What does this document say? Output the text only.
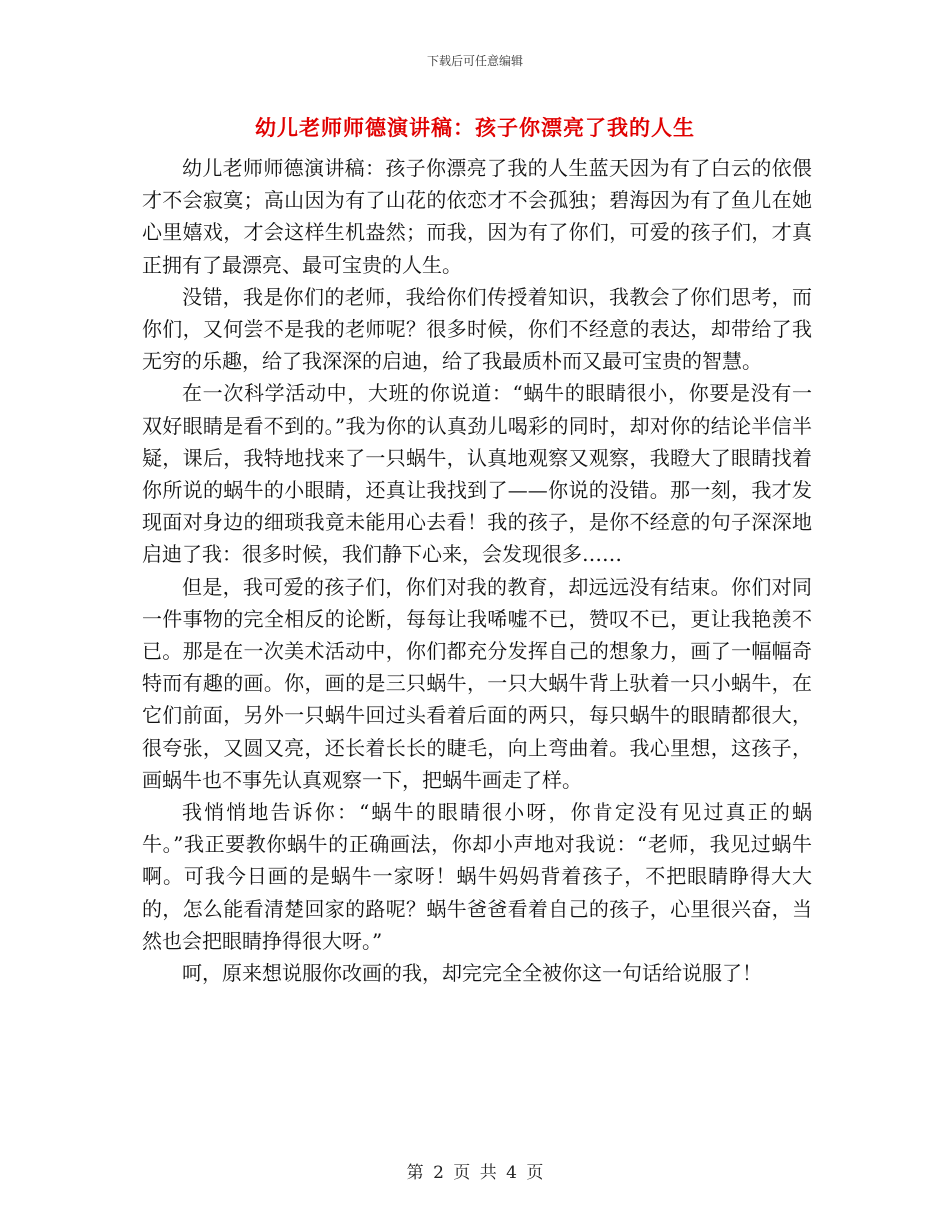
下载后可任意编辑
幼儿老师师德演讲稿：孩子你漂亮了我的人生

幼儿老师师德演讲稿：孩子你漂亮了我的人生蓝天因为有了白云的依偎才不会寂寞；高山因为有了山花的依恋才不会孤独；碧海因为有了鱼儿在她心里嬉戏，才会这样生机盎然；而我，因为有了你们，可爱的孩子们，才真正拥有了最漂亮、最可宝贵的人生。

没错，我是你们的老师，我给你们传授着知识，我教会了你们思考，而你们，又何尝不是我的老师呢？很多时候，你们不经意的表达，却带给了我无穷的乐趣，给了我深深的启迪，给了我最质朴而又最可宝贵的智慧。

在一次科学活动中，大班的你说道：“蜗牛的眼睛很小，你要是没有一双好眼睛是看不到的。”我为你的认真劲儿喝彩的同时，却对你的结论半信半疑，课后，我特地找来了一只蜗牛，认真地观察又观察，我瞪大了眼睛找着你所说的蜗牛的小眼睛，还真让我找到了——你说的没错。那一刻，我才发现面对身边的细琐我竟未能用心去看！我的孩子，是你不经意的句子深深地启迪了我：很多时候，我们静下心来，会发现很多……

但是，我可爱的孩子们，你们对我的教育，却远远没有结束。你们对同一件事物的完全相反的论断，每每让我唏嘘不已，赞叹不已，更让我艳羡不已。那是在一次美术活动中，你们都充分发挥自己的想象力，画了一幅幅奇特而有趣的画。你，画的是三只蜗牛，一只大蜗牛背上驮着一只小蜗牛，在它们前面，另外一只蜗牛回过头看着后面的两只，每只蜗牛的眼睛都很大，很夸张，又圆又亮，还长着长长的睫毛，向上弯曲着。我心里想，这孩子，画蜗牛也不事先认真观察一下，把蜗牛画走了样。

我悄悄地告诉你：“蜗牛的眼睛很小呀，你肯定没有见过真正的蜗牛。”我正要教你蜗牛的正确画法，你却小声地对我说：“老师，我见过蜗牛啊。可我今日画的是蜗牛一家呀！蜗牛妈妈背着孩子，不把眼睛睁得大大的，怎么能看清楚回家的路呢？蜗牛爸爸看着自己的孩子，心里很兴奋，当然也会把眼睛挣得很大呀。”

呵，原来想说服你改画的我，却完完全全被你这一句话给说服了！

第 2 页 共 4 页
